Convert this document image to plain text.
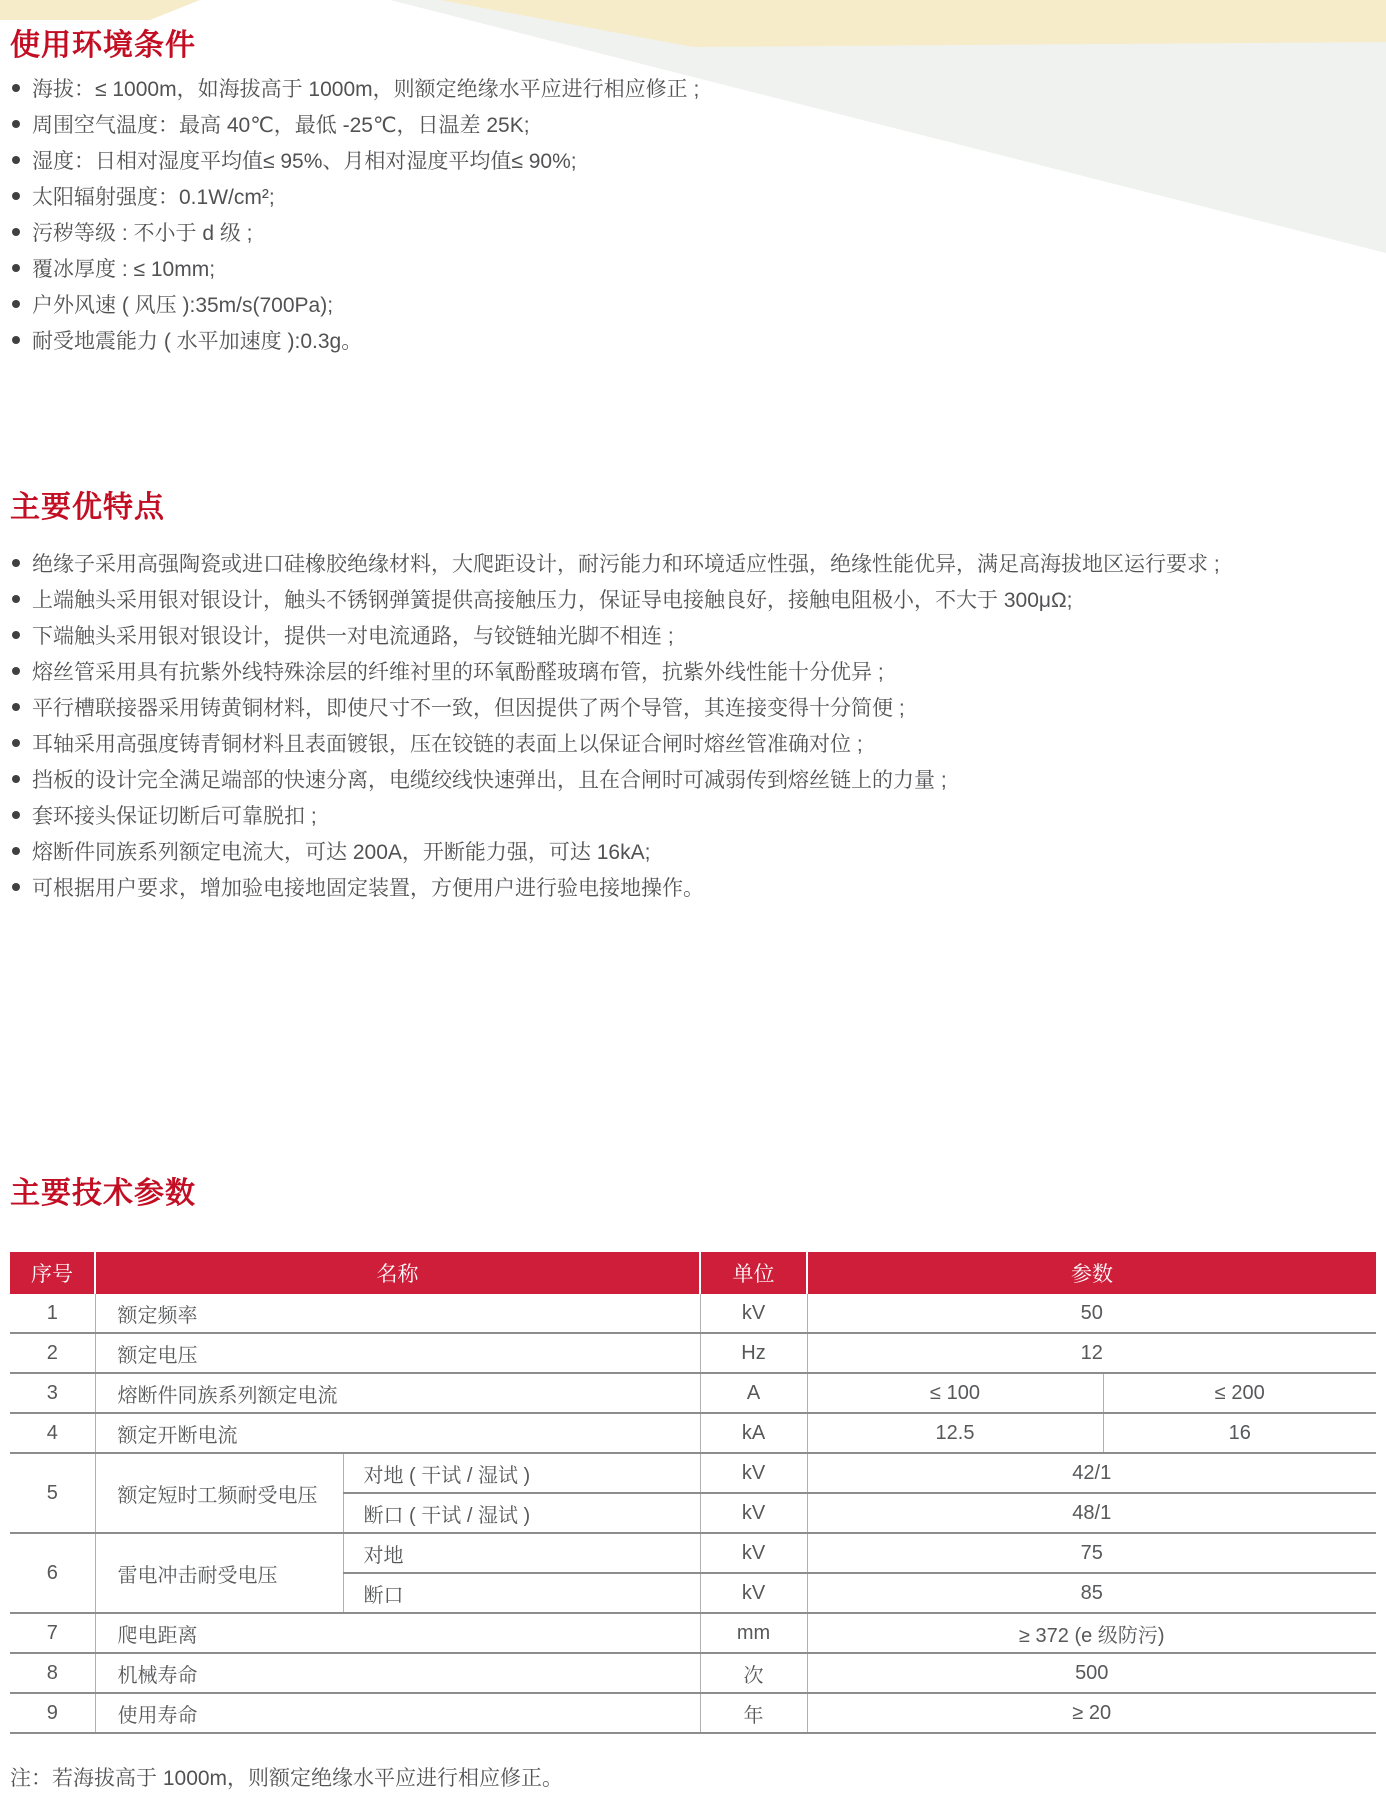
使用环境条件
海拔：≤ 1000m，如海拔高于 1000m，则额定绝缘水平应进行相应修正 ;
周围空气温度：最高 40℃，最低 -25℃，日温差 25K;
湿度：日相对湿度平均值≤ 95%、月相对湿度平均值≤ 90%;
太阳辐射强度：0.1W/cm²;
污秽等级 : 不小于 d 级 ;
覆冰厚度 : ≤ 10mm;
户外风速 ( 风压 ):35m/s(700Pa);
耐受地震能力 ( 水平加速度 ):0.3g。
主要优特点
绝缘子采用高强陶瓷或进口硅橡胶绝缘材料，大爬距设计，耐污能力和环境适应性强，绝缘性能优异，满足高海拔地区运行要求 ;
上端触头采用银对银设计，触头不锈钢弹簧提供高接触压力，保证导电接触良好，接触电阻极小，不大于 300μΩ;
下端触头采用银对银设计，提供一对电流通路，与铰链轴光脚不相连 ;
熔丝管采用具有抗紫外线特殊涂层的纤维衬里的环氧酚醛玻璃布管，抗紫外线性能十分优异 ;
平行槽联接器采用铸黄铜材料，即使尺寸不一致，但因提供了两个导管，其连接变得十分简便 ;
耳轴采用高强度铸青铜材料且表面镀银，压在铰链的表面上以保证合闸时熔丝管准确对位 ;
挡板的设计完全满足端部的快速分离，电缆绞线快速弹出，且在合闸时可减弱传到熔丝链上的力量 ;
套环接头保证切断后可靠脱扣 ;
熔断件同族系列额定电流大，可达 200A，开断能力强，可达 16kA;
可根据用户要求，增加验电接地固定装置，方便用户进行验电接地操作。
主要技术参数
序号	名称		单位	参数	
1	额定频率		kV	50	
2	额定电压		Hz	12	
3	熔断件同族系列额定电流		A	≤ 100	≤ 200
4	额定开断电流		kA	12.5	16
5	额定短时工频耐受电压	对地 ( 干试 / 湿试 )	kV	42/1	
		断口 ( 干试 / 湿试 )	kV	48/1	
6	雷电冲击耐受电压	对地	kV	75	
		断口	kV	85	
7	爬电距离		mm	≥ 372 (e 级防污)	
8	机械寿命		次	500	
9	使用寿命		年	≥ 20	
注：若海拔高于 1000m，则额定绝缘水平应进行相应修正。
